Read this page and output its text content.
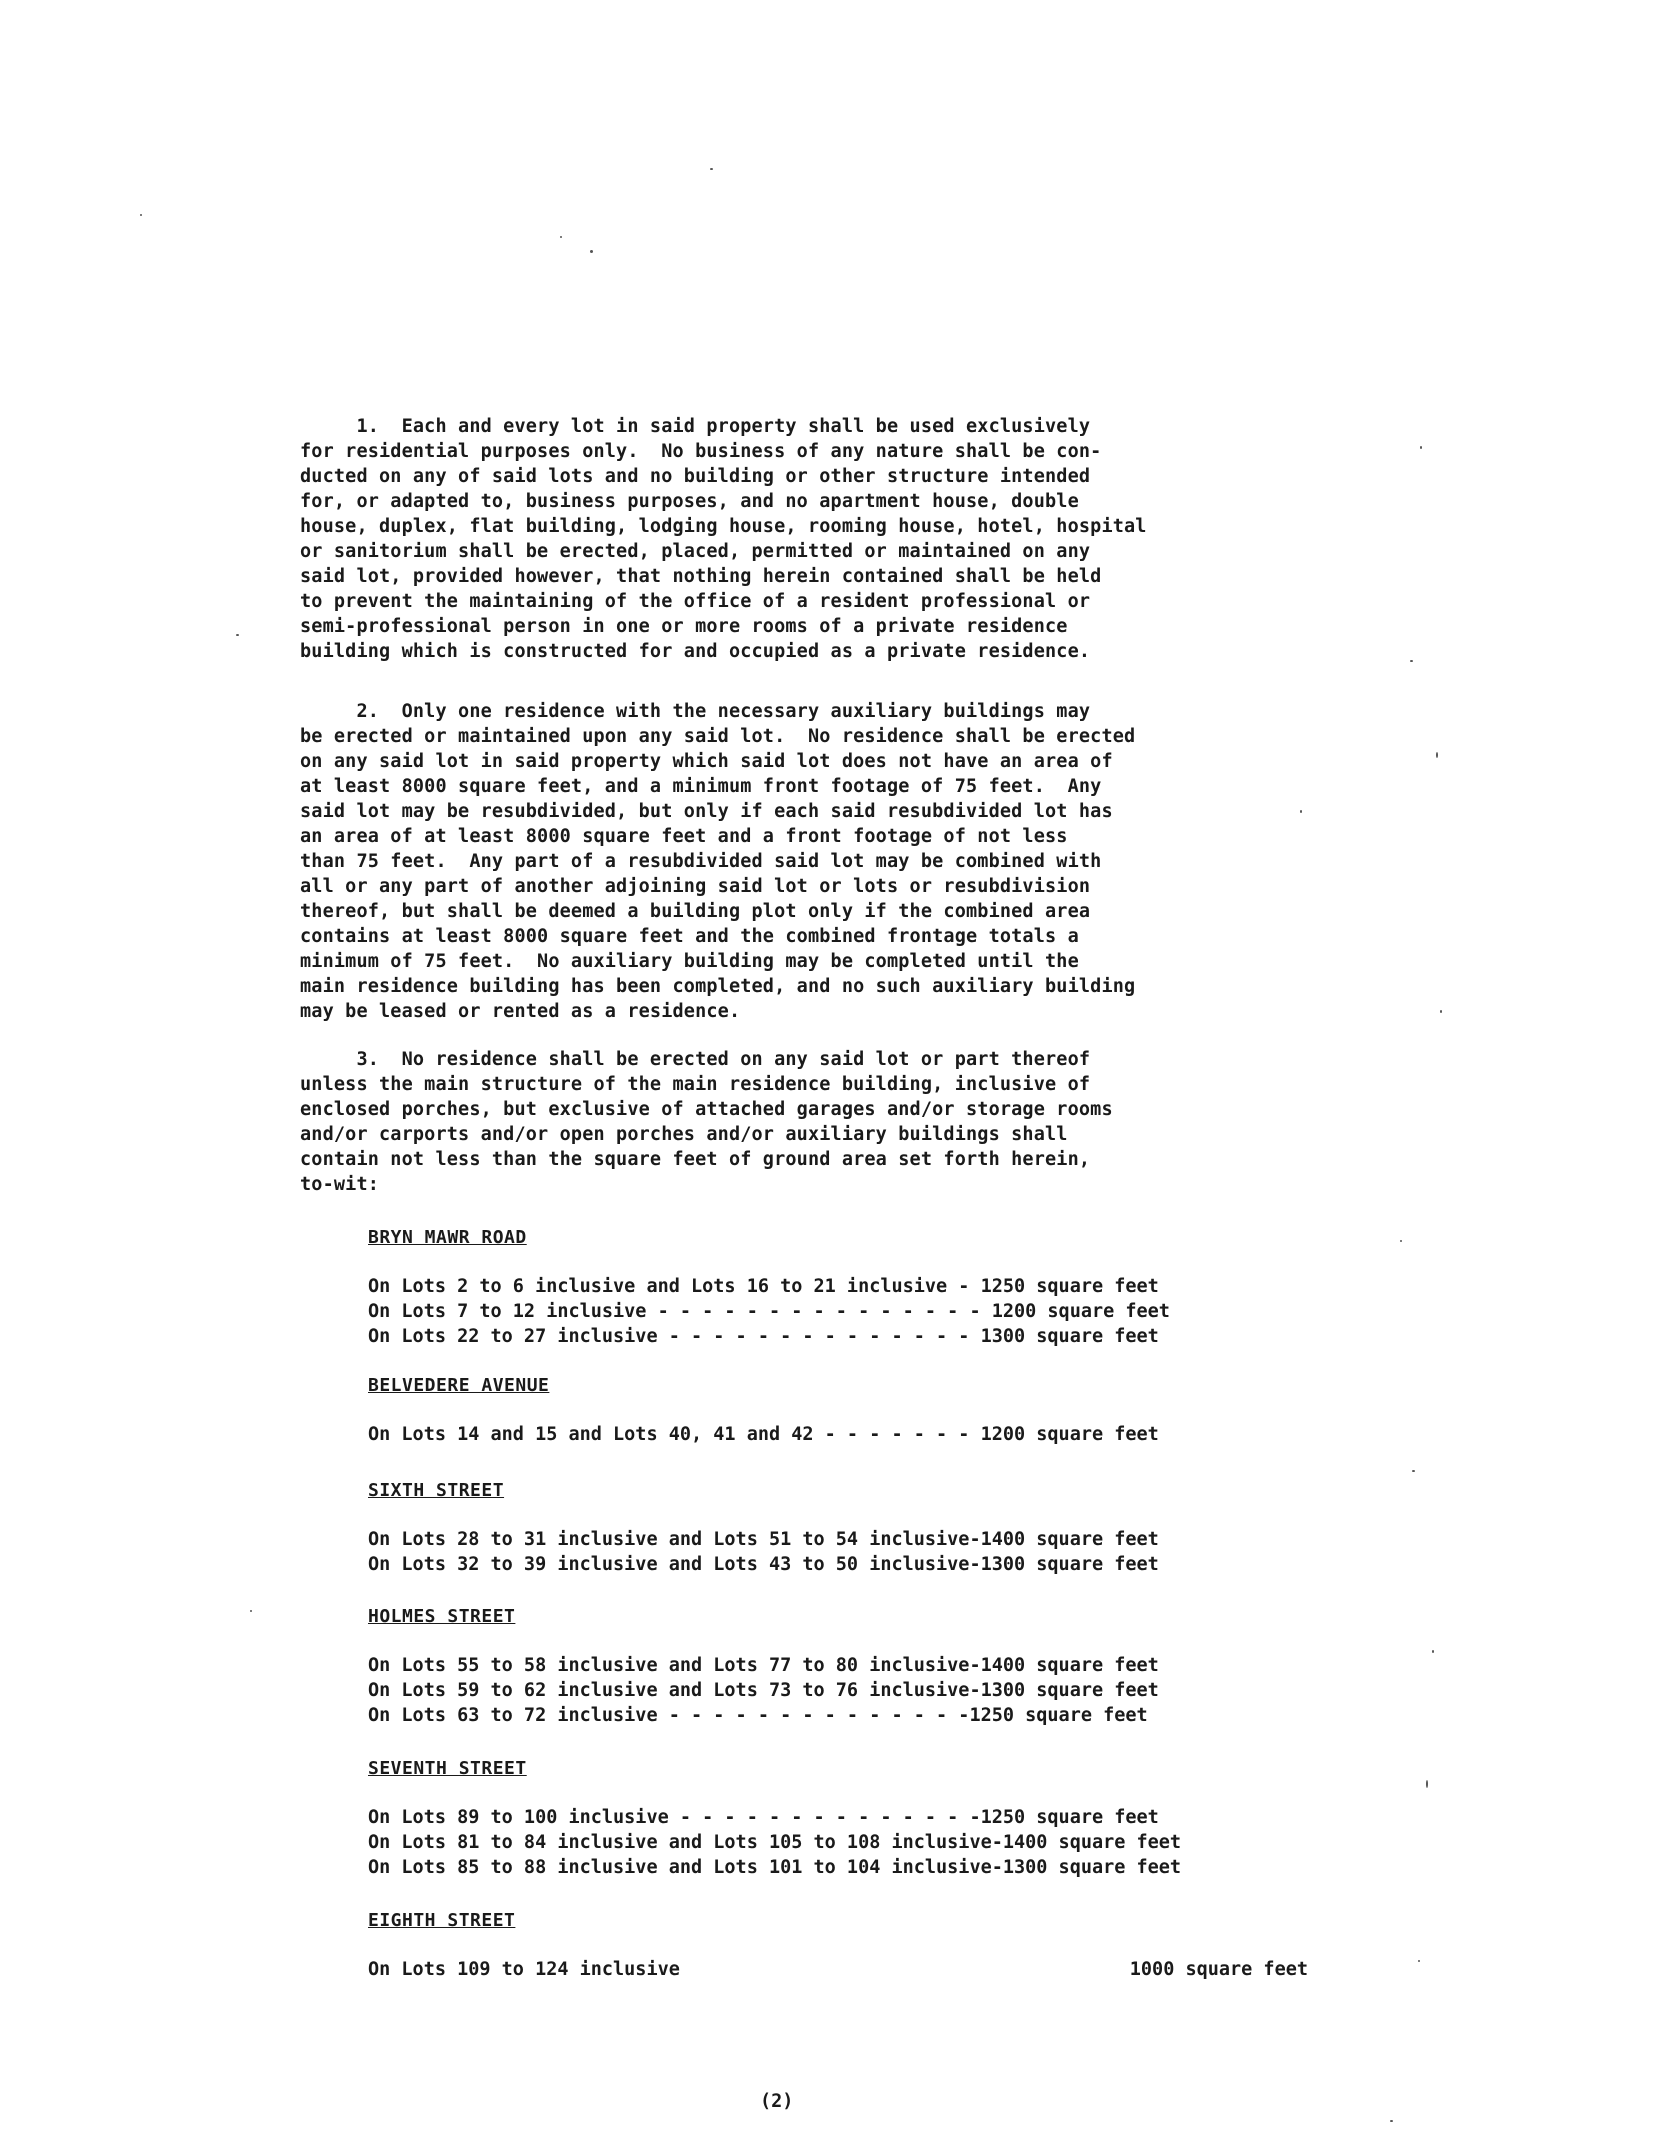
1.  Each and every lot in said property shall be used exclusively
for residential purposes only.  No business of any nature shall be con-
ducted on any of said lots and no building or other structure intended
for, or adapted to, business purposes, and no apartment house, double
house, duplex, flat building, lodging house, rooming house, hotel, hospital
or sanitorium shall be erected, placed, permitted or maintained on any
said lot, provided however, that nothing herein contained shall be held
to prevent the maintaining of the office of a resident professional or
semi-professional person in one or more rooms of a private residence
building which is constructed for and occupied as a private residence.
2.  Only one residence with the necessary auxiliary buildings may
be erected or maintained upon any said lot.  No residence shall be erected
on any said lot in said property which said lot does not have an area of
at least 8000 square feet, and a minimum front footage of 75 feet.  Any
said lot may be resubdivided, but only if each said resubdivided lot has
an area of at least 8000 square feet and a front footage of not less
than 75 feet.  Any part of a resubdivided said lot may be combined with
all or any part of another adjoining said lot or lots or resubdivision
thereof, but shall be deemed a building plot only if the combined area
contains at least 8000 square feet and the combined frontage totals a
minimum of 75 feet.  No auxiliary building may be completed until the
main residence building has been completed, and no such auxiliary building
may be leased or rented as a residence.
3.  No residence shall be erected on any said lot or part thereof
unless the main structure of the main residence building, inclusive of
enclosed porches, but exclusive of attached garages and/or storage rooms
and/or carports and/or open porches and/or auxiliary buildings shall
contain not less than the square feet of ground area set forth herein,
to-wit:
BRYN MAWR ROAD
On Lots 2 to 6 inclusive and Lots 16 to 21 inclusive - 1250 square feet
On Lots 7 to 12 inclusive - - - - - - - - - - - - - - - 1200 square feet
On Lots 22 to 27 inclusive - - - - - - - - - - - - - - 1300 square feet
BELVEDERE AVENUE
On Lots 14 and 15 and Lots 40, 41 and 42 - - - - - - - 1200 square feet
SIXTH STREET
On Lots 28 to 31 inclusive and Lots 51 to 54 inclusive-1400 square feet
On Lots 32 to 39 inclusive and Lots 43 to 50 inclusive-1300 square feet
HOLMES STREET
On Lots 55 to 58 inclusive and Lots 77 to 80 inclusive-1400 square feet
On Lots 59 to 62 inclusive and Lots 73 to 76 inclusive-1300 square feet
On Lots 63 to 72 inclusive - - - - - - - - - - - - - -1250 square feet
SEVENTH STREET
On Lots 89 to 100 inclusive - - - - - - - - - - - - - -1250 square feet
On Lots 81 to 84 inclusive and Lots 105 to 108 inclusive-1400 square feet
On Lots 85 to 88 inclusive and Lots 101 to 104 inclusive-1300 square feet
EIGHTH STREET
On Lots 109 to 124 inclusive	1000 square feet
(2)
